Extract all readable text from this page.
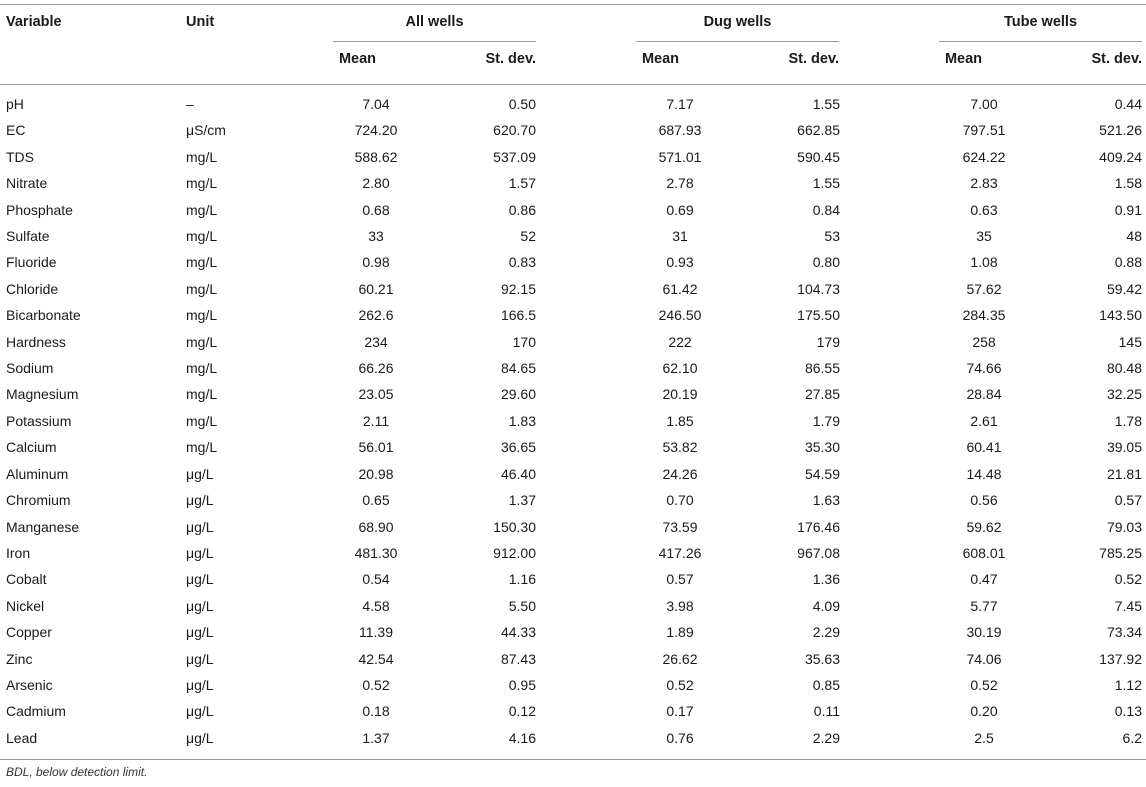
Variable	Unit	All wells	Dug wells	Tube wells
Mean	St. dev.	Mean	St. dev.	Mean	St. dev.
pH	–	7.04	0.50	7.17	1.55	7.00	0.44
EC	μS/cm	724.20	620.70	687.93	662.85	797.51	521.26
TDS	mg/L	588.62	537.09	571.01	590.45	624.22	409.24
Nitrate	mg/L	2.80	1.57	2.78	1.55	2.83	1.58
Phosphate	mg/L	0.68	0.86	0.69	0.84	0.63	0.91
Sulfate	mg/L	33	52	31	53	35	48
Fluoride	mg/L	0.98	0.83	0.93	0.80	1.08	0.88
Chloride	mg/L	60.21	92.15	61.42	104.73	57.62	59.42
Bicarbonate	mg/L	262.6	166.5	246.50	175.50	284.35	143.50
Hardness	mg/L	234	170	222	179	258	145
Sodium	mg/L	66.26	84.65	62.10	86.55	74.66	80.48
Magnesium	mg/L	23.05	29.60	20.19	27.85	28.84	32.25
Potassium	mg/L	2.11	1.83	1.85	1.79	2.61	1.78
Calcium	mg/L	56.01	36.65	53.82	35.30	60.41	39.05
Aluminum	μg/L	20.98	46.40	24.26	54.59	14.48	21.81
Chromium	μg/L	0.65	1.37	0.70	1.63	0.56	0.57
Manganese	μg/L	68.90	150.30	73.59	176.46	59.62	79.03
Iron	μg/L	481.30	912.00	417.26	967.08	608.01	785.25
Cobalt	μg/L	0.54	1.16	0.57	1.36	0.47	0.52
Nickel	μg/L	4.58	5.50	3.98	4.09	5.77	7.45
Copper	μg/L	11.39	44.33	1.89	2.29	30.19	73.34
Zinc	μg/L	42.54	87.43	26.62	35.63	74.06	137.92
Arsenic	μg/L	0.52	0.95	0.52	0.85	0.52	1.12
Cadmium	μg/L	0.18	0.12	0.17	0.11	0.20	0.13
Lead	μg/L	1.37	4.16	0.76	2.29	2.5	6.2
BDL, below detection limit.
